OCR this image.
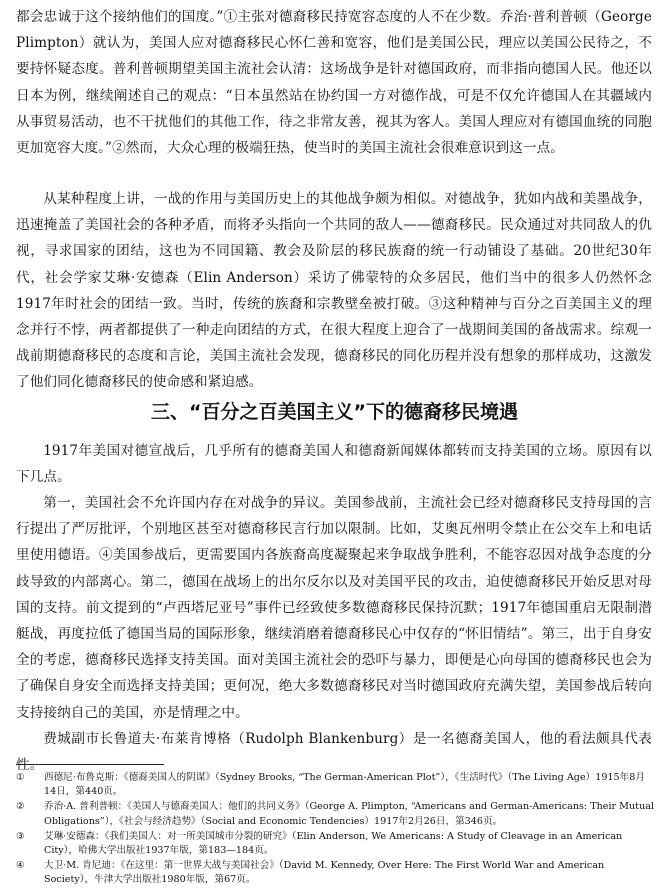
都会忠诚于这个接纳他们的国度。”①主张对德裔移民持宽容态度的人不在少数。乔治·普利普顿（George Plimpton）就认为，美国人应对德裔移民心怀仁善和宽容，他们是美国公民，理应以美国公民待之，不要持怀疑态度。普利普顿期望美国主流社会认清：这场战争是针对德国政府，而非指向德国人民。他还以日本为例，继续阐述自己的观点：“日本虽然站在协约国一方对德作战，可是不仅允许德国人在其疆域内从事贸易活动，也不干扰他们的其他工作，待之非常友善，视其为客人。美国人理应对有德国血统的同胞更加宽容大度。”②然而，大众心理的极端狂热，使当时的美国主流社会很难意识到这一点。

从某种程度上讲，一战的作用与美国历史上的其他战争颇为相似。对德战争，犹如内战和美墨战争，迅速掩盖了美国社会的各种矛盾，而将矛头指向一个共同的敌人——德裔移民。民众通过对共同敌人的仇视，寻求国家的团结，这也为不同国籍、教会及阶层的移民族裔的统一行动铺设了基础。20世纪30年代，社会学家艾琳·安德森（Elin Anderson）采访了佛蒙特的众多居民，他们当中的很多人仍然怀念1917年时社会的团结一致。当时，传统的族裔和宗教壁垒被打破。③这种精神与百分之百美国主义的理念并行不悖，两者都提供了一种走向团结的方式，在很大程度上迎合了一战期间美国的备战需求。综观一战前期德裔移民的态度和言论，美国主流社会发现，德裔移民的同化历程并没有想象的那样成功，这激发了他们同化德裔移民的使命感和紧迫感。

三、“百分之百美国主义”下的德裔移民境遇

1917年美国对德宣战后，几乎所有的德裔美国人和德裔新闻媒体都转而支持美国的立场。原因有以下几点。

第一，美国社会不允许国内存在对战争的异议。美国参战前，主流社会已经对德裔移民支持母国的言行提出了严厉批评，个别地区甚至对德裔移民言行加以限制。比如，艾奥瓦州明令禁止在公交车上和电话里使用德语。④美国参战后，更需要国内各族裔高度凝聚起来争取战争胜利，不能容忍因对战争态度的分歧导致的内部离心。第二，德国在战场上的出尔反尔以及对美国平民的攻击，迫使德裔移民开始反思对母国的支持。前文提到的“卢西塔尼亚号”事件已经致使多数德裔移民保持沉默；1917年德国重启无限制潜艇战，再度拉低了德国当局的国际形象，继续消磨着德裔移民心中仅存的“怀旧情结”。第三，出于自身安全的考虑，德裔移民选择支持美国。面对美国主流社会的恐吓与暴力，即便是心向母国的德裔移民也会为了确保自身安全而选择支持美国；更何况，绝大多数德裔移民对当时德国政府充满失望，美国参战后转向支持接纳自己的美国，亦是情理之中。

费城副市长鲁道夫·布莱肯博格（Rudolph Blankenburg）是一名德裔美国人，他的看法颇具代表性。

①	西德尼·布鲁克斯：《德裔美国人的阴谋》（Sydney Brooks, “The German-American Plot”），《生活时代》（The Living Age）1915年8月14日，第440页。
②	乔治·A. 普利普顿：《美国人与德裔美国人：他们的共同义务》（George A. Plimpton, “Americans and German-Americans: Their Mutual Obligations”），《社会与经济趋势》（Social and Economic Tendencies）1917年2月26日，第346页。
③	艾琳·安德森：《我们美国人：对一所美国城市分裂的研究》（Elin Anderson, We Americans: A Study of Cleavage in an American City），哈佛大学出版社1937年版，第183—184页。
④	大卫·M. 肯尼迪：《在这里：第一世界大战与美国社会》（David M. Kennedy, Over Here: The First World War and American Society），牛津大学出版社1980年版，第67页。
